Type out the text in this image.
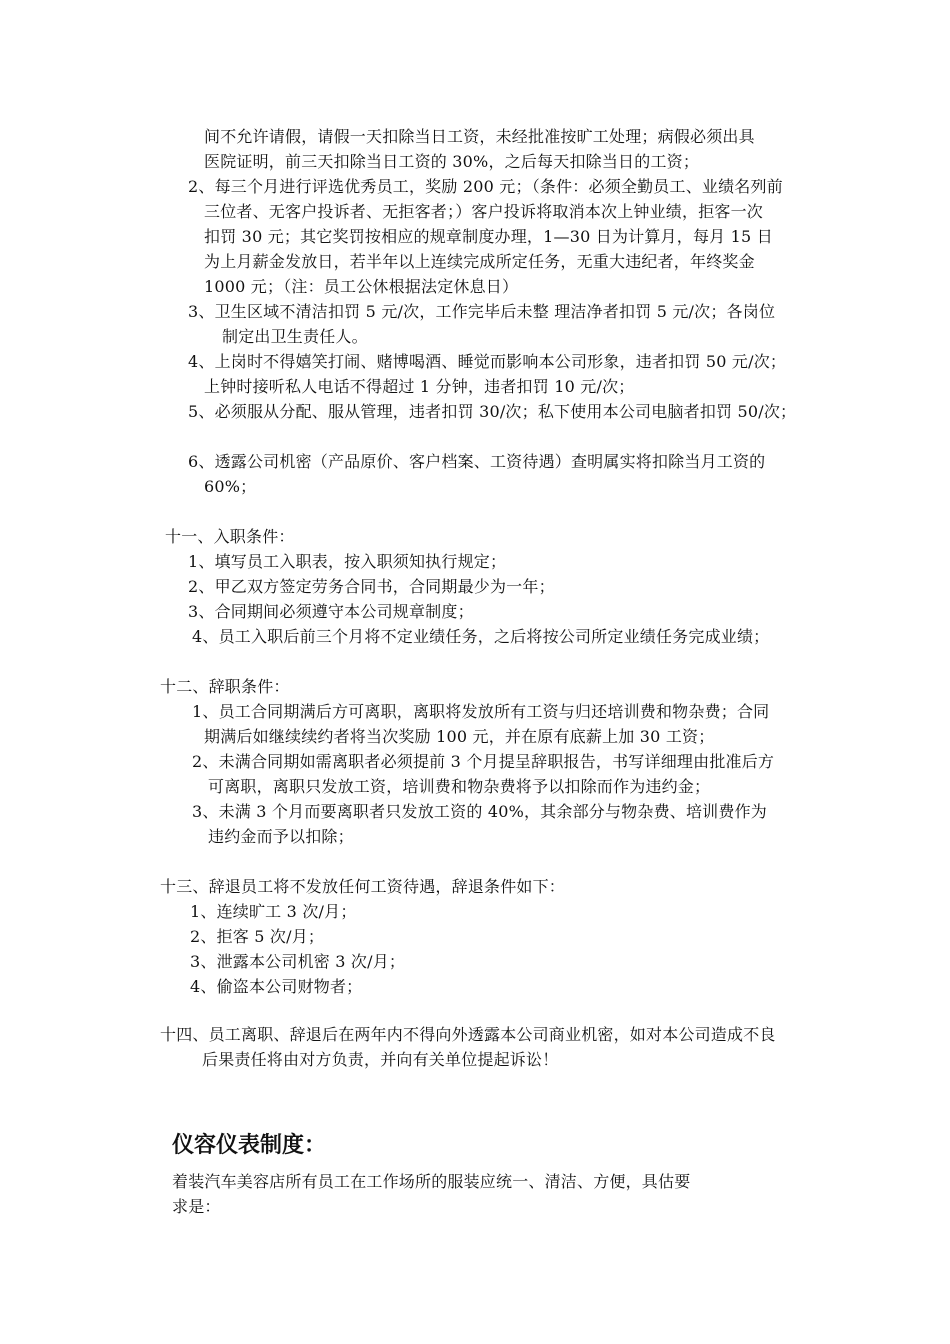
间不允许请假，请假一天扣除当日工资，未经批准按旷工处理；病假必须出具
医院证明，前三天扣除当日工资的 30%，之后每天扣除当日的工资；
2、每三个月进行评选优秀员工，奖励 200 元；（条件：必须全勤员工、业绩名列前
三位者、无客户投诉者、无拒客者；）客户投诉将取消本次上钟业绩，拒客一次
扣罚 30 元；其它奖罚按相应的规章制度办理，1—30 日为计算月，每月 15 日
为上月薪金发放日，若半年以上连续完成所定任务，无重大违纪者，年终奖金
1000 元；（注：员工公休根据法定休息日）
3、卫生区域不清洁扣罚 5 元/次，工作完毕后未整 理洁净者扣罚 5 元/次；各岗位
制定出卫生责任人。
4、上岗时不得嬉笑打闹、赌博喝酒、睡觉而影响本公司形象，违者扣罚 50 元/次；
上钟时接听私人电话不得超过 1 分钟，违者扣罚 10 元/次；
5、必须服从分配、服从管理，违者扣罚 30/次；私下使用本公司电脑者扣罚 50/次；
6、透露公司机密（产品原价、客户档案、工资待遇）查明属实将扣除当月工资的
60%；
十一、入职条件：
1、填写员工入职表，按入职须知执行规定；
2、甲乙双方签定劳务合同书，合同期最少为一年；
3、合同期间必须遵守本公司规章制度；
4、员工入职后前三个月将不定业绩任务，之后将按公司所定业绩任务完成业绩；
十二、辞职条件：
1、员工合同期满后方可离职，离职将发放所有工资与归还培训费和物杂费；合同
期满后如继续续约者将当次奖励 100 元，并在原有底薪上加 30 工资；
2、未满合同期如需离职者必须提前 3 个月提呈辞职报告，书写详细理由批准后方
可离职，离职只发放工资，培训费和物杂费将予以扣除而作为违约金；
3、未满 3 个月而要离职者只发放工资的 40%，其余部分与物杂费、培训费作为
违约金而予以扣除；
十三、辞退员工将不发放任何工资待遇，辞退条件如下：
1、连续旷工 3 次/月；
2、拒客 5 次/月；
3、泄露本公司机密 3 次/月；
4、偷盗本公司财物者；
十四、员工离职、辞退后在两年内不得向外透露本公司商业机密，如对本公司造成不良
后果责任将由对方负责，并向有关单位提起诉讼！
仪容仪表制度：
着装汽车美容店所有员工在工作场所的服装应统一、清洁、方便，具估要
求是：
